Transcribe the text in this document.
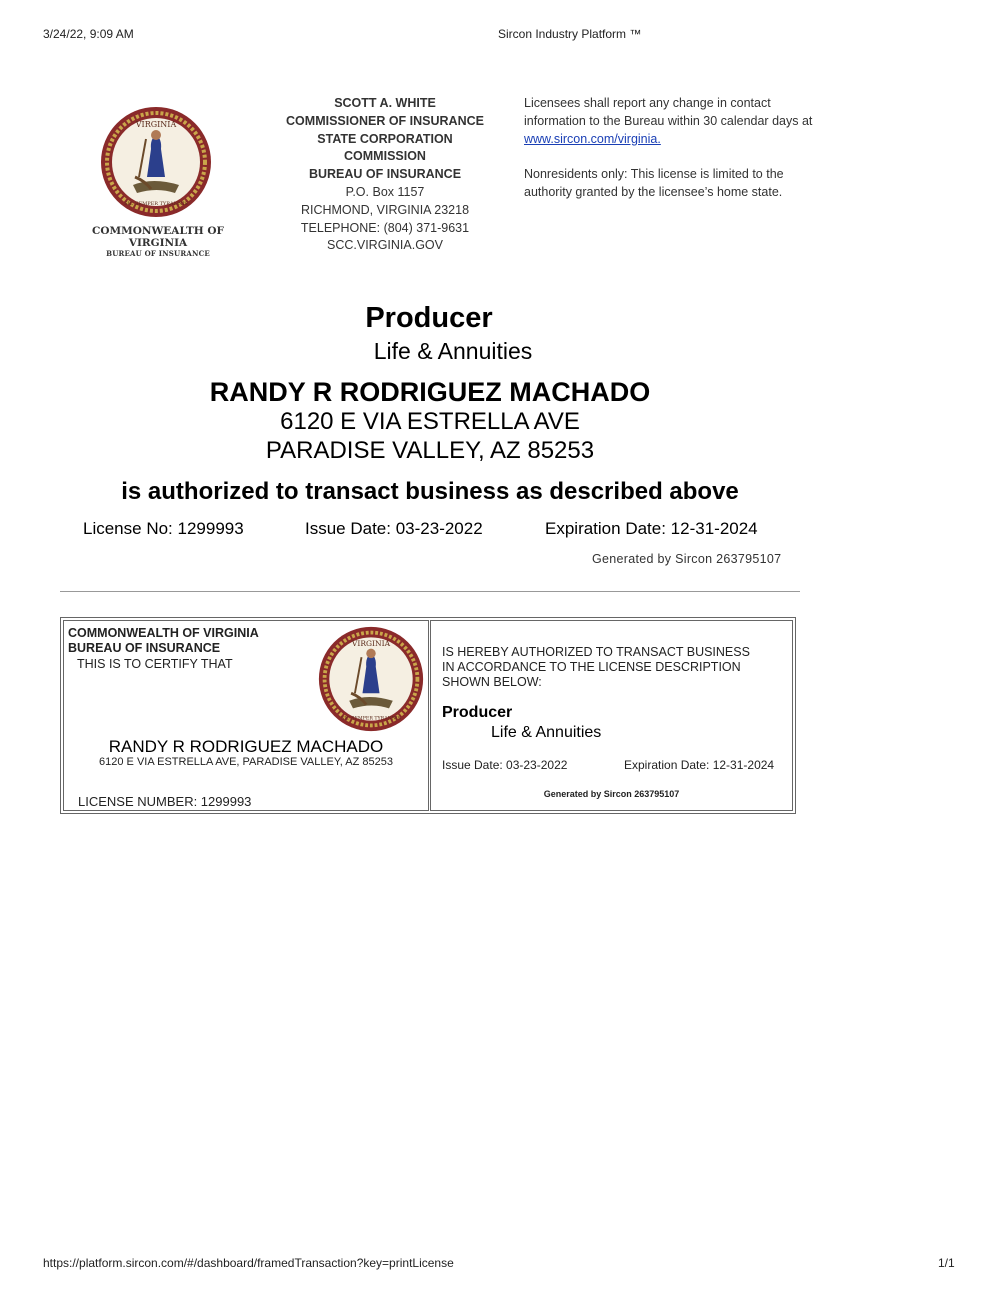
3/24/22, 9:09 AM	Sircon Industry Platform ™
VIRGINIA
SIC SEMPER TYRANNIS
COMMONWEALTH OF
VIRGINIA
BUREAU OF INSURANCE
SCOTT A. WHITE
COMMISSIONER OF INSURANCE
STATE CORPORATION
COMMISSION
BUREAU OF INSURANCE
P.O. Box 1157
RICHMOND, VIRGINIA 23218
TELEPHONE: (804) 371-9631
SCC.VIRGINIA.GOV
Licensees shall report any change in contact
information to the Bureau within 30 calendar days at
www.sircon.com/virginia.
Nonresidents only: This license is limited to the
authority granted by the licensee’s home state.
Producer
Life & Annuities
RANDY R RODRIGUEZ MACHADO
6120 E VIA ESTRELLA AVE
PARADISE VALLEY, AZ 85253
is authorized to transact business as described above
License No: 1299993	Issue Date: 03-23-2022	Expiration Date: 12-31-2024
Generated by Sircon 263795107
COMMONWEALTH OF VIRGINIA
BUREAU OF INSURANCE
THIS IS TO CERTIFY THAT
VIRGINIA
SIC SEMPER TYRANNIS
RANDY R RODRIGUEZ MACHADO
6120 E VIA ESTRELLA AVE, PARADISE VALLEY, AZ 85253
LICENSE NUMBER: 1299993
IS HEREBY AUTHORIZED TO TRANSACT BUSINESS
IN ACCORDANCE TO THE LICENSE DESCRIPTION
SHOWN BELOW:
Producer
Life & Annuities
Issue Date: 03-23-2022	Expiration Date: 12-31-2024
Generated by Sircon 263795107
https://platform.sircon.com/#/dashboard/framedTransaction?key=printLicense	1/1
